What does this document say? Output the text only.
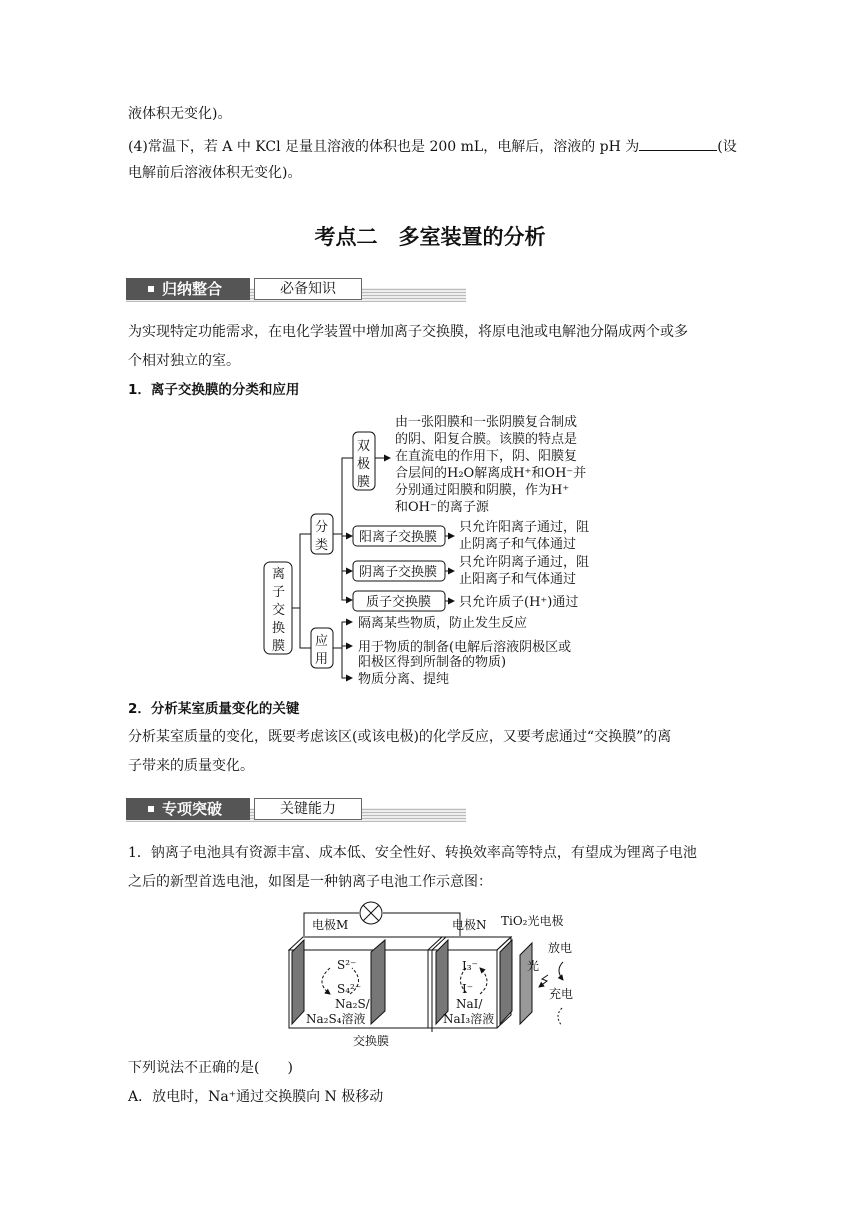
液体积无变化)。
(4)常温下，若 A 中 KCl 足量且溶液的体积也是 200 mL，电解后，溶液的 pH 为	(设
电解前后溶液体积无变化)。
考点二　多室装置的分析
归纳整合	必备知识
为实现特定功能需求，在电化学装置中增加离子交换膜，将原电池或电解池分隔成两个或多
个相对独立的室。
1．离子交换膜的分类和应用
离
子
交
换
膜
分
类
应
用
双
极
膜
由一张阳膜和一张阴膜复合制成
的阴、阳复合膜。该膜的特点是
在直流电的作用下，阴、阳膜复
合层间的H₂O解离成H⁺和OH⁻并
分别通过阳膜和阴膜，作为H⁺
和OH⁻的离子源
阳离子交换膜
只允许阳离子通过，阻
止阴离子和气体通过
阴离子交换膜
只允许阴离子通过，阻
止阳离子和气体通过
质子交换膜 只允许质子(H⁺)通过
隔离某些物质，防止发生反应
用于物质的制备(电解后溶液阴极区或
阳极区得到所制备的物质)
物质分离、提纯
2．分析某室质量变化的关键
分析某室质量的变化，既要考虑该区(或该电极)的化学反应，又要考虑通过“交换膜”的离
子带来的质量变化。
专项突破	关键能力
1．钠离子电池具有资源丰富、成本低、安全性好、转换效率高等特点，有望成为锂离子电池
之后的新型首选电池，如图是一种钠离子电池工作示意图：
电极M	电极N TiO₂光电极
S²⁻
S₄²⁻
Na₂S/
Na₂S₄溶液
I₃⁻
I⁻
NaI/
NaI₃溶液
光
放电
充电
交换膜
下列说法不正确的是(　　)
A．放电时，Na⁺通过交换膜向 N 极移动
